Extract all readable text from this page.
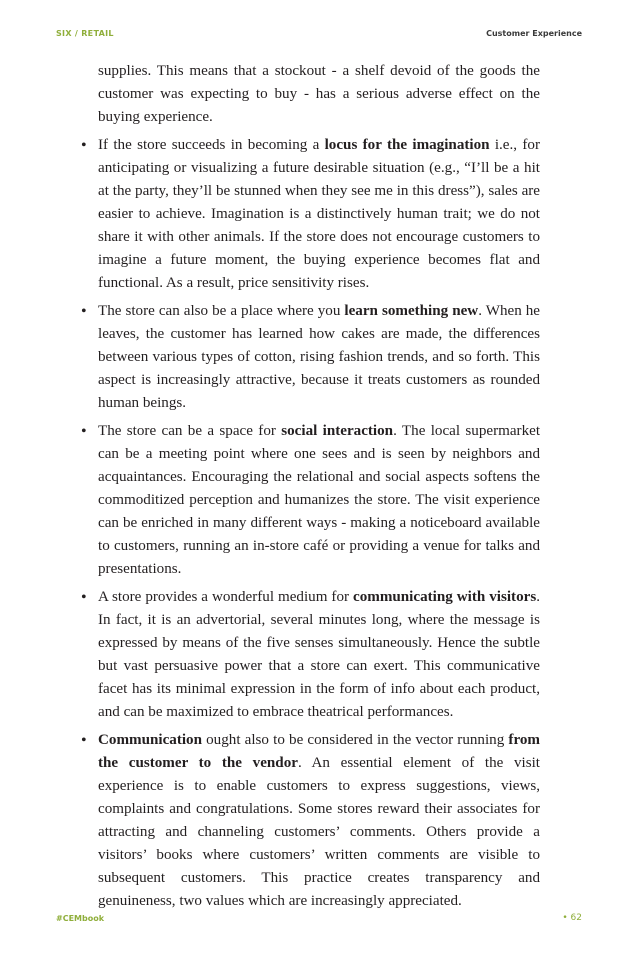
SIX / RETAIL	Customer Experience

supplies. This means that a stockout - a shelf devoid of the goods the customer was expecting to buy - has a serious adverse effect on the buying experience.

• If the store succeeds in becoming a locus for the imagination i.e., for anticipating or visualizing a future desirable situation (e.g., “I’ll be a hit at the party, they’ll be stunned when they see me in this dress”), sales are easier to achieve. Imagination is a distinctively human trait; we do not share it with other animals. If the store does not encourage customers to imagine a future moment, the buying experience becomes flat and functional. As a result, price sensitivity rises.
• The store can also be a place where you learn something new. When he leaves, the customer has learned how cakes are made, the differences between various types of cotton, rising fashion trends, and so forth. This aspect is increasingly attractive, because it treats customers as rounded human beings.
• The store can be a space for social interaction. The local supermarket can be a meeting point where one sees and is seen by neighbors and acquaintances. Encouraging the relational and social aspects softens the commoditized perception and humanizes the store. The visit experience can be enriched in many different ways - making a noticeboard available to customers, running an in-store café or providing a venue for talks and presentations.
• A store provides a wonderful medium for communicating with visitors. In fact, it is an advertorial, several minutes long, where the message is expressed by means of the five senses simultaneously. Hence the subtle but vast persuasive power that a store can exert. This communicative facet has its minimal expression in the form of info about each product, and can be maximized to embrace theatrical performances.
• Communication ought also to be considered in the vector running from the customer to the vendor. An essential element of the visit experience is to enable customers to express suggestions, views, complaints and congratulations. Some stores reward their associates for attracting and channeling customers’ comments. Others provide a visitors’ books where customers’ written comments are visible to subsequent customers. This practice creates transparency and genuineness, two values which are increasingly appreciated.
#CEMbook	• 62
